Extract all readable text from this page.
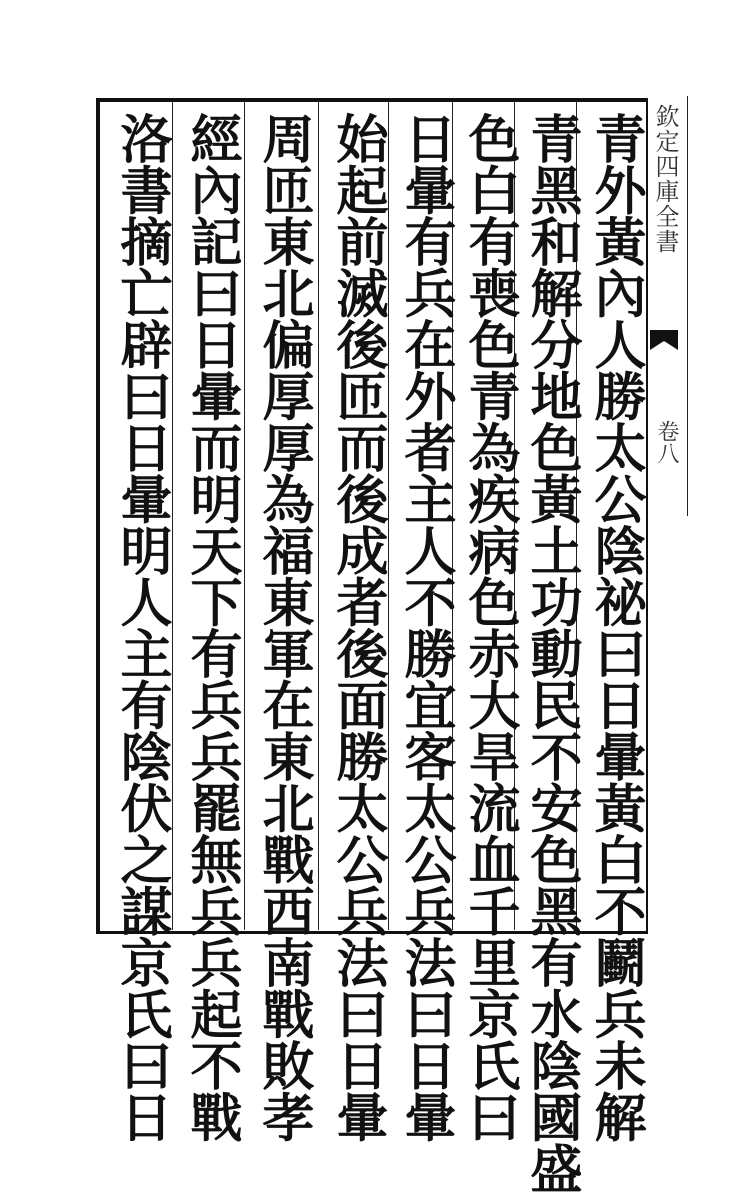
欽定四庫全書
卷八
青外黃內人勝太公陰祕曰日暈黃白不鬬兵未解
青黑和解分地色黃土功動民不安色黑有水陰國盛
色白有喪色青為疾病色赤大旱流血千里京氏曰
日暈有兵在外者主人不勝宜客太公兵法曰日暈
始起前滅後匝而後成者後面勝太公兵法曰日暈
周匝東北偏厚厚為福東軍在東北戰西南戰敗孝
經內記曰日暈而明天下有兵兵罷無兵兵起不戰
洛書摘亡辟曰日暈明人主有陰伏之謀京氏曰日
